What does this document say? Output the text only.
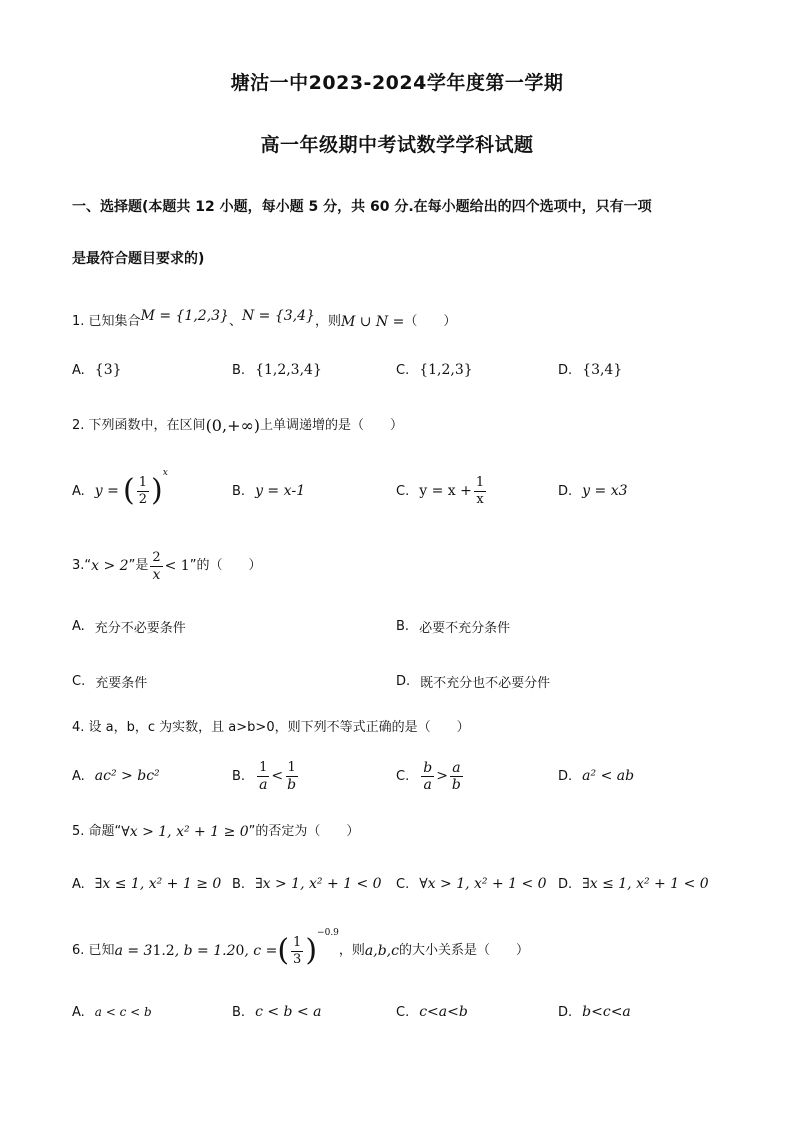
塘沽一中2023-2024学年度第一学期
高一年级期中考试数学学科试题
一、选择题(本题共 12 小题，每小题 5 分，共 60 分.在每小题给出的四个选项中，只有一项
是最符合题目要求的)
1.
已知集合 M = {1,2,3} 、 N = {3,4} ，则 M ∪ N = （　　）
A. {3}	B. {1,2,3,4}	C. {1,2,3}	D. {3,4}
2.
下列函数中，在区间 (0,+∞) 上单调递增的是（　　）
A. y =
( $\frac{1}{2}$ ) x
B. y = x -1	C. $y = x + \frac{1}{x}$	D. y = x 3
3. “ x > 2 ”是 $\frac{2}{x} < 1$ ”的（　　）
A. 充分不必要条件	B. 必要不充分条件
C. 充要条件	D. 既不充分也不必要分件
4.
设 a，b，c 为实数，且 a>b>0，则下列不等式正确的是（　　）
A. ac² > bc²	B. $\frac{1}{a} < \frac{1}{b}$	C. $\frac{b}{a} > \frac{a}{b}$	D. a² < ab
5.
命题“ ∀x > 1, x² + 1 ≥ 0 ”的否定为（　　）
A. ∃x ≤ 1, x² + 1 ≥ 0 B. ∃x > 1, x² + 1 < 0 C. ∀x > 1, x² + 1 < 0 D. ∃x ≤ 1, x² + 1 < 0
6.
已知 a = 3 1.2 , b = 1.2 0 , c = ( $\frac{1}{3}$ ) −0.9
，则 a,b,c 的大小关系是（　　）
A. a < c < b	B. c < b < a	C. c<a<b	D. b<c<a
